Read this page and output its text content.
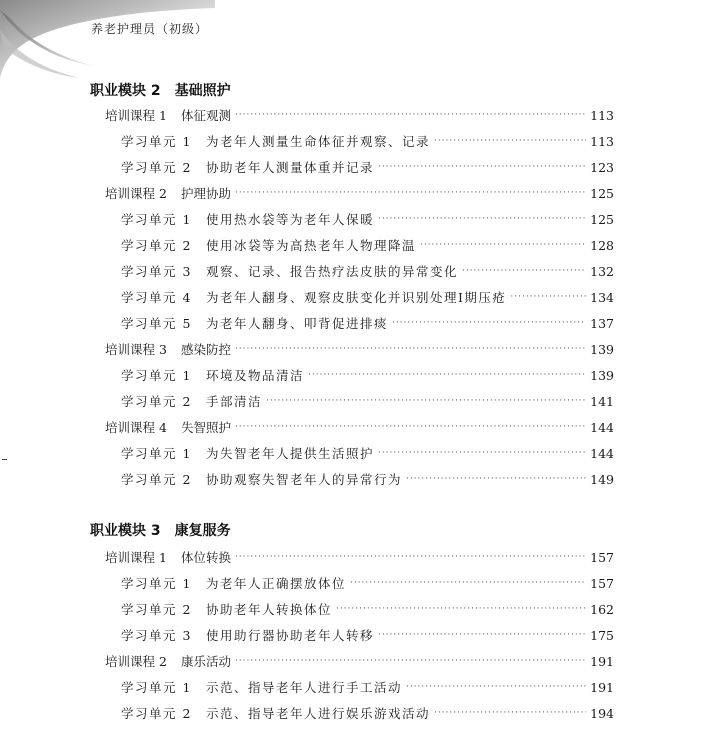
养老护理员（初级）
职业模块 2　基础照护
培训课程 1 体征观测 ·····	113
学习单元 1 为老年人测量生命体征并观察、记录 ·····	113
学习单元 2 协助老年人测量体重并记录 ·····	123
培训课程 2 护理协助 ·····	125
学习单元 1 使用热水袋等为老年人保暖 ·····	125
学习单元 2 使用冰袋等为高热老年人物理降温 ·····	128
学习单元 3 观察、记录、报告热疗法皮肤的异常变化 ·····	132
学习单元 4 为老年人翻身、观察皮肤变化并识别处理Ⅰ期压疮 ·····	134
学习单元 5 为老年人翻身、叩背促进排痰 ·····	137
培训课程 3 感染防控 ·····	139
学习单元 1 环境及物品清洁 ·····	139
学习单元 2 手部清洁 ·····	141
培训课程 4 失智照护 ·····	144
学习单元 1 为失智老年人提供生活照护 ·····	144
学习单元 2 协助观察失智老年人的异常行为 ·····	149
职业模块 3　康复服务
培训课程 1 体位转换 ·····	157
学习单元 1 为老年人正确摆放体位 ·····	157
学习单元 2 协助老年人转换体位 ·····	162
学习单元 3 使用助行器协助老年人转移 ·····	175
培训课程 2 康乐活动 ·····	191
学习单元 1 示范、指导老年人进行手工活动 ·····	191
学习单元 2 示范、指导老年人进行娱乐游戏活动 ·····	194
